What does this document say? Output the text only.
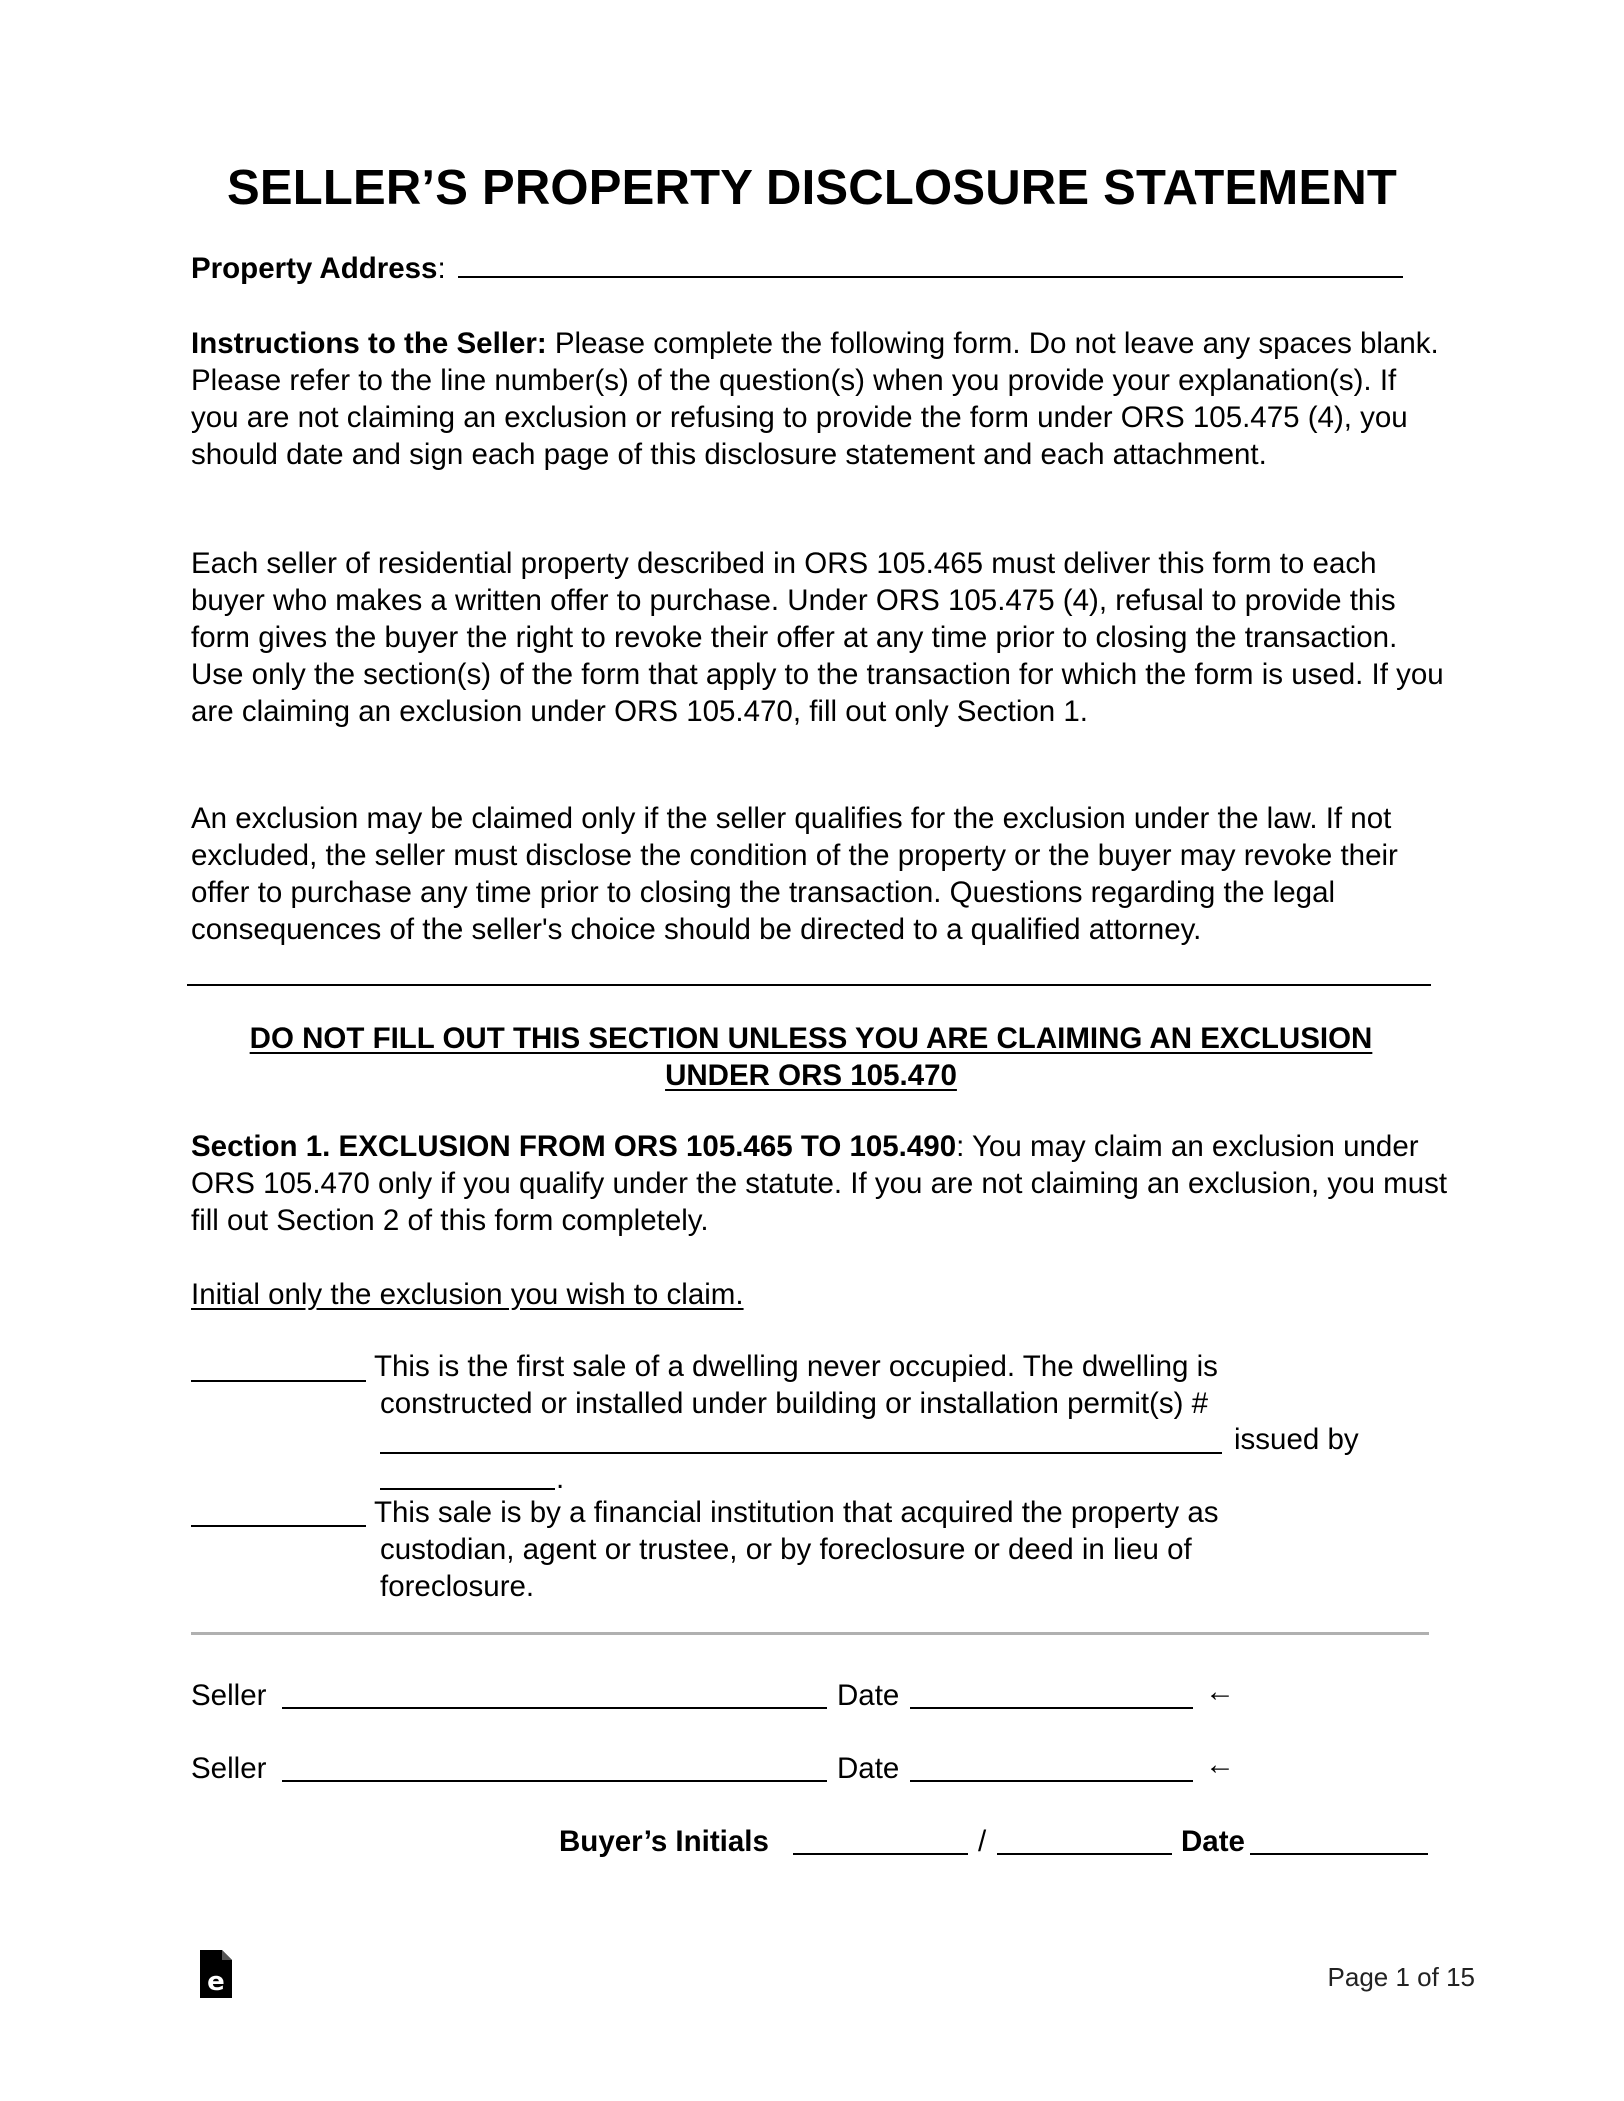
SELLER’S PROPERTY DISCLOSURE STATEMENT
Property Address:

Instructions to the Seller: Please complete the following form. Do not leave any spaces blank. Please refer to the line number(s) of the question(s) when you provide your explanation(s). If you are not claiming an exclusion or refusing to provide the form under ORS 105.475 (4), you should date and sign each page of this disclosure statement and each attachment.

Each seller of residential property described in ORS 105.465 must deliver this form to each buyer who makes a written offer to purchase. Under ORS 105.475 (4), refusal to provide this form gives the buyer the right to revoke their offer at any time prior to closing the transaction. Use only the section(s) of the form that apply to the transaction for which the form is used. If you are claiming an exclusion under ORS 105.470, fill out only Section 1.

An exclusion may be claimed only if the seller qualifies for the exclusion under the law. If not excluded, the seller must disclose the condition of the property or the buyer may revoke their offer to purchase any time prior to closing the transaction. Questions regarding the legal consequences of the seller's choice should be directed to a qualified attorney.

DO NOT FILL OUT THIS SECTION UNLESS YOU ARE CLAIMING AN EXCLUSION
UNDER ORS 105.470

Section 1. EXCLUSION FROM ORS 105.465 TO 105.490: You may claim an exclusion under ORS 105.470 only if you qualify under the statute. If you are not claiming an exclusion, you must fill out Section 2 of this form completely.

Initial only the exclusion you wish to claim.
This is the first sale of a dwelling never occupied. The dwelling is
constructed or installed under building or installation permit(s) #
issued by
.
This sale is by a financial institution that acquired the property as
custodian, agent or trustee, or by foreclosure or deed in lieu of
foreclosure.
Seller	Date	←
Seller	Date	←
Buyer’s Initials	/	Date
e	Page 1 of 15
